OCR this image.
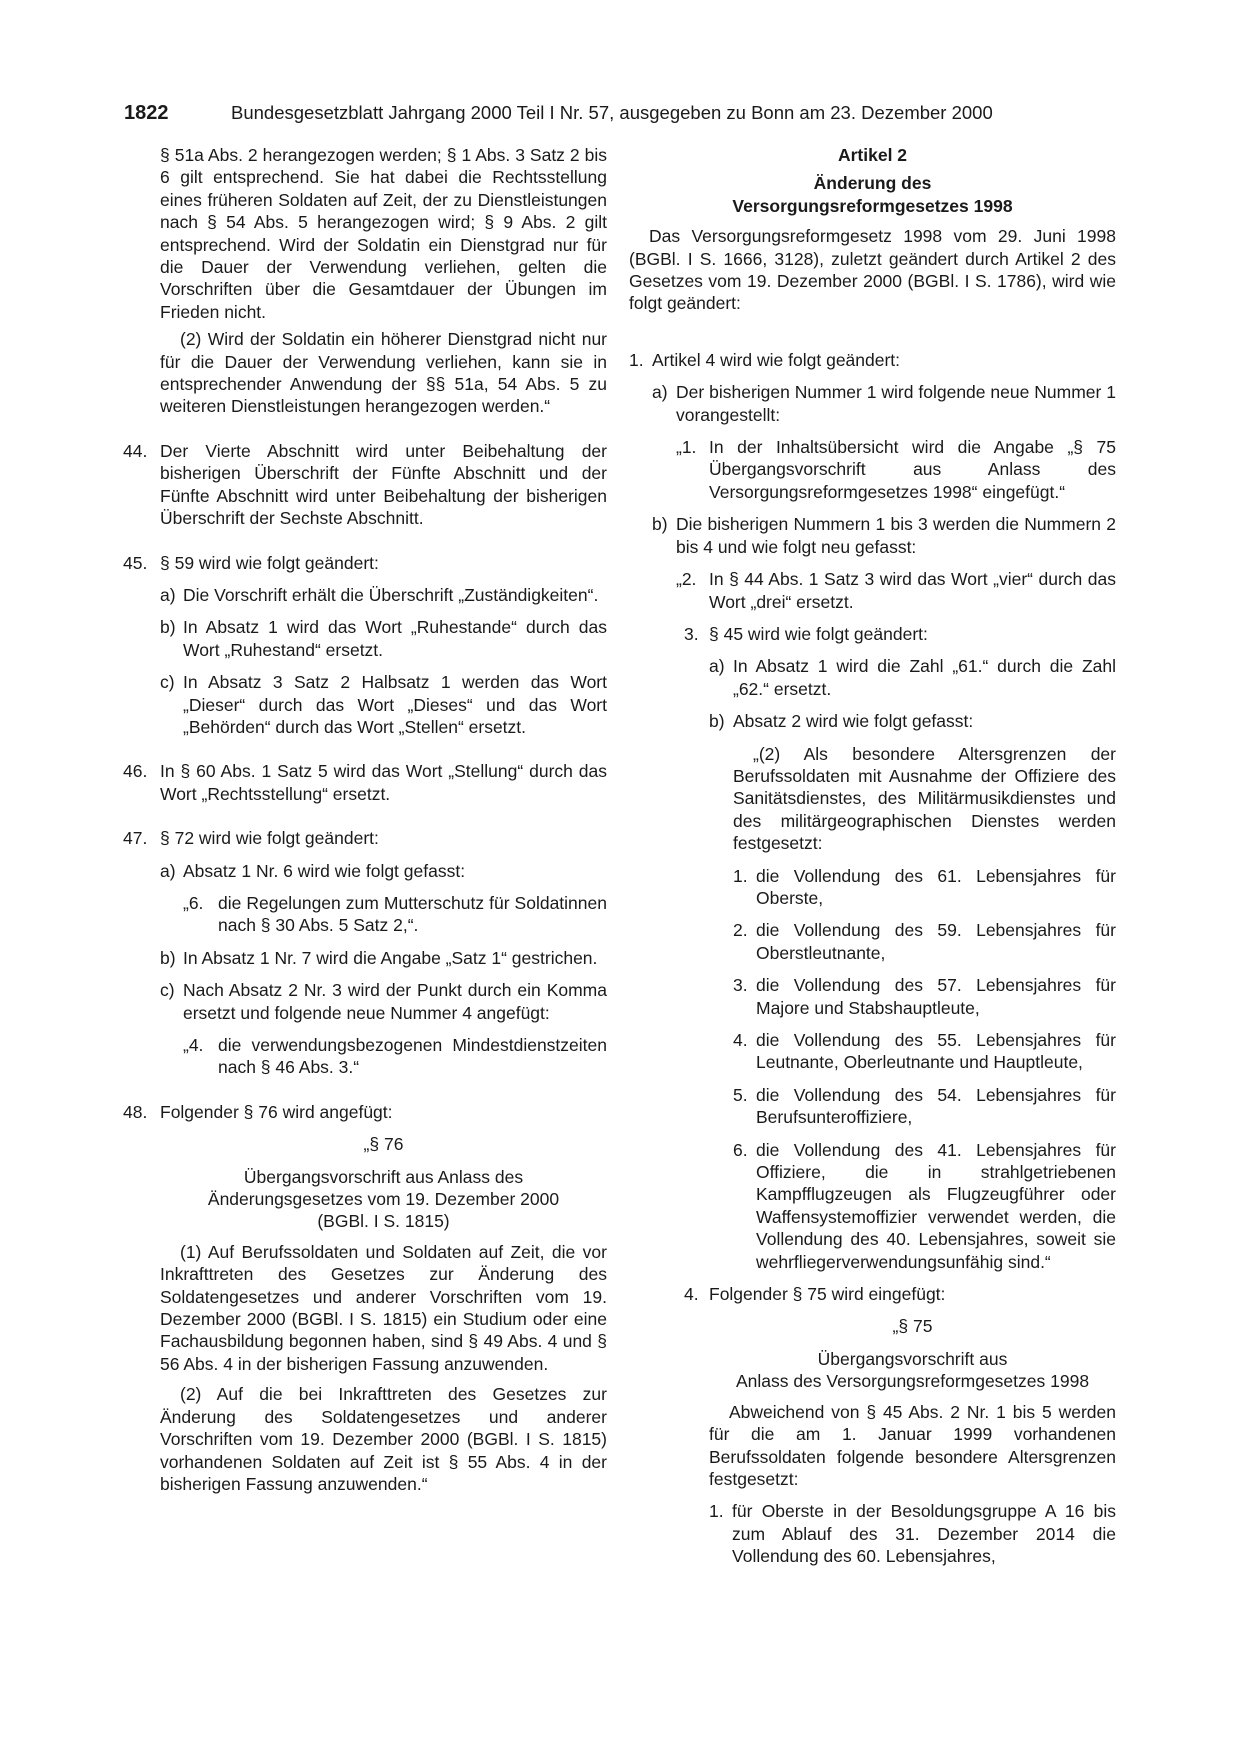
1822	Bundesgesetzblatt Jahrgang 2000 Teil I Nr. 57, ausgegeben zu Bonn am 23. Dezember 2000

§ 51a Abs. 2 herangezogen werden; § 1 Abs. 3 Satz 2 bis 6 gilt entsprechend. Sie hat dabei die Rechtsstellung eines früheren Soldaten auf Zeit, der zu Dienstleistungen nach § 54 Abs. 5 herangezogen wird; § 9 Abs. 2 gilt entsprechend. Wird der Soldatin ein Dienstgrad nur für die Dauer der Verwendung verliehen, gelten die Vorschriften über die Gesamtdauer der Übungen im Frieden nicht.

(2) Wird der Soldatin ein höherer Dienstgrad nicht nur für die Dauer der Verwendung verliehen, kann sie in entsprechender Anwendung der §§ 51a, 54 Abs. 5 zu weiteren Dienstleistungen herangezogen werden.“

44. Der Vierte Abschnitt wird unter Beibehaltung der bisherigen Überschrift der Fünfte Abschnitt und der Fünfte Abschnitt wird unter Beibehaltung der bisherigen Überschrift der Sechste Abschnitt.

45. § 59 wird wie folgt geändert:

a) Die Vorschrift erhält die Überschrift „Zuständigkeiten“.

b) In Absatz 1 wird das Wort „Ruhestande“ durch das Wort „Ruhestand“ ersetzt.

c) In Absatz 3 Satz 2 Halbsatz 1 werden das Wort „Dieser“ durch das Wort „Dieses“ und das Wort „Behörden“ durch das Wort „Stellen“ ersetzt.

46. In § 60 Abs. 1 Satz 5 wird das Wort „Stellung“ durch das Wort „Rechtsstellung“ ersetzt.

47. § 72 wird wie folgt geändert:

a) Absatz 1 Nr. 6 wird wie folgt gefasst:

„6. die Regelungen zum Mutterschutz für Soldatinnen nach § 30 Abs. 5 Satz 2,“.

b) In Absatz 1 Nr. 7 wird die Angabe „Satz 1“ gestrichen.

c) Nach Absatz 2 Nr. 3 wird der Punkt durch ein Komma ersetzt und folgende neue Nummer 4 angefügt:

„4. die verwendungsbezogenen Mindestdienstzeiten nach § 46 Abs. 3.“

48. Folgender § 76 wird angefügt:

„§ 76

Übergangsvorschrift aus Anlass des

Änderungsgesetzes vom 19. Dezember 2000

(BGBl. I S. 1815)

(1) Auf Berufssoldaten und Soldaten auf Zeit, die vor Inkrafttreten des Gesetzes zur Änderung des Soldatengesetzes und anderer Vorschriften vom 19. Dezember 2000 (BGBl. I S. 1815) ein Studium oder eine Fachausbildung begonnen haben, sind § 49 Abs. 4 und § 56 Abs. 4 in der bisherigen Fassung anzuwenden.

(2) Auf die bei Inkrafttreten des Gesetzes zur Änderung des Soldatengesetzes und anderer Vorschriften vom 19. Dezember 2000 (BGBl. I S. 1815) vorhandenen Soldaten auf Zeit ist § 55 Abs. 4 in der bisherigen Fassung anzuwenden.“

Artikel 2

Änderung des

Versorgungsreformgesetzes 1998

Das Versorgungsreformgesetz 1998 vom 29. Juni 1998 (BGBl. I S. 1666, 3128), zuletzt geändert durch Artikel 2 des Gesetzes vom 19. Dezember 2000 (BGBl. I S. 1786), wird wie folgt geändert:

1. Artikel 4 wird wie folgt geändert:

a) Der bisherigen Nummer 1 wird folgende neue Nummer 1 vorangestellt:

„1. In der Inhaltsübersicht wird die Angabe „§ 75 Übergangsvorschrift aus Anlass des Versorgungsreformgesetzes 1998“ eingefügt.“

b) Die bisherigen Nummern 1 bis 3 werden die Nummern 2 bis 4 und wie folgt neu gefasst:

„2. In § 44 Abs. 1 Satz 3 wird das Wort „vier“ durch das Wort „drei“ ersetzt.

3. § 45 wird wie folgt geändert:

a) In Absatz 1 wird die Zahl „61.“ durch die Zahl „62.“ ersetzt.

b) Absatz 2 wird wie folgt gefasst:

„(2) Als besondere Altersgrenzen der Berufssoldaten mit Ausnahme der Offiziere des Sanitätsdienstes, des Militärmusikdienstes und des militärgeographischen Dienstes werden festgesetzt:

1. die Vollendung des 61. Lebensjahres für Oberste,

2. die Vollendung des 59. Lebensjahres für Oberstleutnante,

3. die Vollendung des 57. Lebensjahres für Majore und Stabshauptleute,

4. die Vollendung des 55. Lebensjahres für Leutnante, Oberleutnante und Hauptleute,

5. die Vollendung des 54. Lebensjahres für Berufsunteroffiziere,

6. die Vollendung des 41. Lebensjahres für Offiziere, die in strahlgetriebenen Kampfflugzeugen als Flugzeugführer oder Waffensystemoffizier verwendet werden, die Vollendung des 40. Lebensjahres, soweit sie wehrfliegerverwendungsunfähig sind.“

4. Folgender § 75 wird eingefügt:

„§ 75

Übergangsvorschrift aus

Anlass des Versorgungsreformgesetzes 1998

Abweichend von § 45 Abs. 2 Nr. 1 bis 5 werden für die am 1. Januar 1999 vorhandenen Berufssoldaten folgende besondere Altersgrenzen festgesetzt:

1. für Oberste in der Besoldungsgruppe A 16 bis zum Ablauf des 31. Dezember 2014 die Vollendung des 60. Lebensjahres,
